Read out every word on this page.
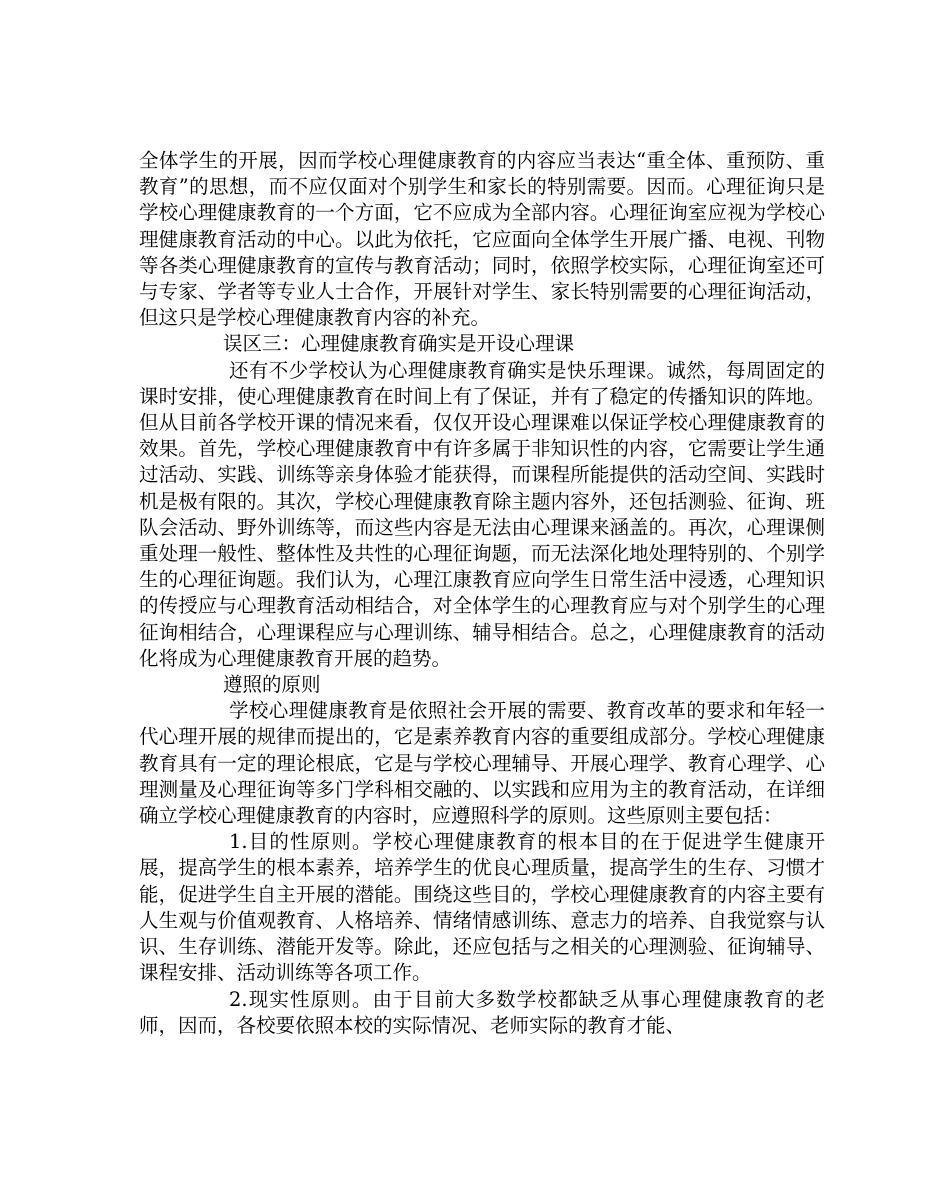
全体学生的开展，因而学校心理健康教育的内容应当表达“重全体、重预防、重教育”的思想，而不应仅面对个别学生和家长的特别需要。因而。心理征询只是学校心理健康教育的一个方面，它不应成为全部内容。心理征询室应视为学校心理健康教育活动的中心。以此为依托，它应面向全体学生开展广播、电视、刊物等各类心理健康教育的宣传与教育活动；同时，依照学校实际，心理征询室还可与专家、学者等专业人士合作，开展针对学生、家长特别需要的心理征询活动，但这只是学校心理健康教育内容的补充。

误区三：心理健康教育确实是开设心理课

还有不少学校认为心理健康教育确实是快乐理课。诚然，每周固定的课时安排，使心理健康教育在时间上有了保证，并有了稳定的传播知识的阵地。但从目前各学校开课的情况来看，仅仅开设心理课难以保证学校心理健康教育的效果。首先，学校心理健康教育中有许多属于非知识性的内容，它需要让学生通过活动、实践、训练等亲身体验才能获得，而课程所能提供的活动空间、实践时机是极有限的。其次，学校心理健康教育除主题内容外，还包括测验、征询、班队会活动、野外训练等，而这些内容是无法由心理课来涵盖的。再次，心理课侧重处理一般性、整体性及共性的心理征询题，而无法深化地处理特别的、个别学生的心理征询题。我们认为，心理江康教育应向学生日常生活中浸透，心理知识的传授应与心理教育活动相结合，对全体学生的心理教育应与对个别学生的心理征询相结合，心理课程应与心理训练、辅导相结合。总之，心理健康教育的活动化将成为心理健康教育开展的趋势。

遵照的原则

学校心理健康教育是依照社会开展的需要、教育改革的要求和年轻一代心理开展的规律而提出的，它是素养教育内容的重要组成部分。学校心理健康教育具有一定的理论根底，它是与学校心理辅导、开展心理学、教育心理学、心理测量及心理征询等多门学科相交融的、以实践和应用为主的教育活动，在详细确立学校心理健康教育的内容时，应遵照科学的原则。这些原则主要包括：

1.目的性原则。学校心理健康教育的根本目的在于促进学生健康开展，提高学生的根本素养，培养学生的优良心理质量，提高学生的生存、习惯才能，促进学生自主开展的潜能。围绕这些目的，学校心理健康教育的内容主要有人生观与价值观教育、人格培养、情绪情感训练、意志力的培养、自我觉察与认识、生存训练、潜能开发等。除此，还应包括与之相关的心理测验、征询辅导、课程安排、活动训练等各项工作。

2.现实性原则。由于目前大多数学校都缺乏从事心理健康教育的老师，因而，各校要依照本校的实际情况、老师实际的教育才能、
